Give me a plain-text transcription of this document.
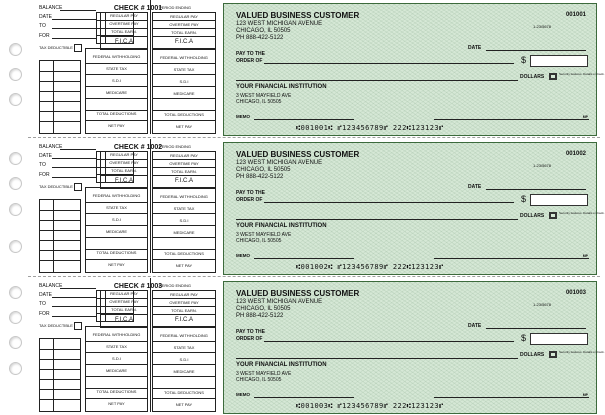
BALANCE	CHECK # 1001
DATE
TO
FOR
REGULAR PAY
OVERTIME PAY
TOTAL EARN.
F.I.C.A
TAX DEDUCTIBLE
FEDERAL WITHHOLDING
STATE TAX
S.D.I
MEDICARE
TOTAL DEDUCTIONS
NET PAY
PERIOD ENDING
REGULAR PAY
OVERTIME PAY
TOTAL EARN.
F.I.C.A
FEDERAL WITHHOLDING
STATE TAX
S.D.I
MEDICARE
TOTAL DEDUCTIONS
NET PAY
VALUED BUSINESS CUSTOMER
123 WEST MICHIGAN AVENUE
CHICAGO, IL 50505
PH 888-422-5122
001001
1-23/5678
DATE
PAY TO THE
ORDER OF	$
DOLLARS	Security features. Details on back.
YOUR FINANCIAL INSTITUTION
3 WEST MAYFIELD AVE
CHICAGO, IL 50505
MEMO	MP
⑆001001⑆ ⑈123456789⑈ 222⑆123123⑈
BALANCE	CHECK # 1002
DATE
TO
FOR
REGULAR PAY
OVERTIME PAY
TOTAL EARN.
F.I.C.A
TAX DEDUCTIBLE
FEDERAL WITHHOLDING
STATE TAX
S.D.I
MEDICARE
TOTAL DEDUCTIONS
NET PAY
PERIOD ENDING
REGULAR PAY
OVERTIME PAY
TOTAL EARN.
F.I.C.A
FEDERAL WITHHOLDING
STATE TAX
S.D.I
MEDICARE
TOTAL DEDUCTIONS
NET PAY
VALUED BUSINESS CUSTOMER
123 WEST MICHIGAN AVENUE
CHICAGO, IL 50505
PH 888-422-5122
001002
1-23/5678
DATE
PAY TO THE
ORDER OF	$
DOLLARS	Security features. Details on back.
YOUR FINANCIAL INSTITUTION
3 WEST MAYFIELD AVE
CHICAGO, IL 50505
MEMO	MP
⑆001002⑆ ⑈123456789⑈ 222⑆123123⑈
BALANCE	CHECK # 1003
DATE
TO
FOR
REGULAR PAY
OVERTIME PAY
TOTAL EARN.
F.I.C.A
TAX DEDUCTIBLE
FEDERAL WITHHOLDING
STATE TAX
S.D.I
MEDICARE
TOTAL DEDUCTIONS
NET PAY
PERIOD ENDING
REGULAR PAY
OVERTIME PAY
TOTAL EARN.
F.I.C.A
FEDERAL WITHHOLDING
STATE TAX
S.D.I
MEDICARE
TOTAL DEDUCTIONS
NET PAY
VALUED BUSINESS CUSTOMER
123 WEST MICHIGAN AVENUE
CHICAGO, IL 50505
PH 888-422-5122
001003
1-23/5678
DATE
PAY TO THE
ORDER OF	$
DOLLARS	Security features. Details on back.
YOUR FINANCIAL INSTITUTION
3 WEST MAYFIELD AVE
CHICAGO, IL 50505
MEMO	MP
⑆001003⑆ ⑈123456789⑈ 222⑆123123⑈
